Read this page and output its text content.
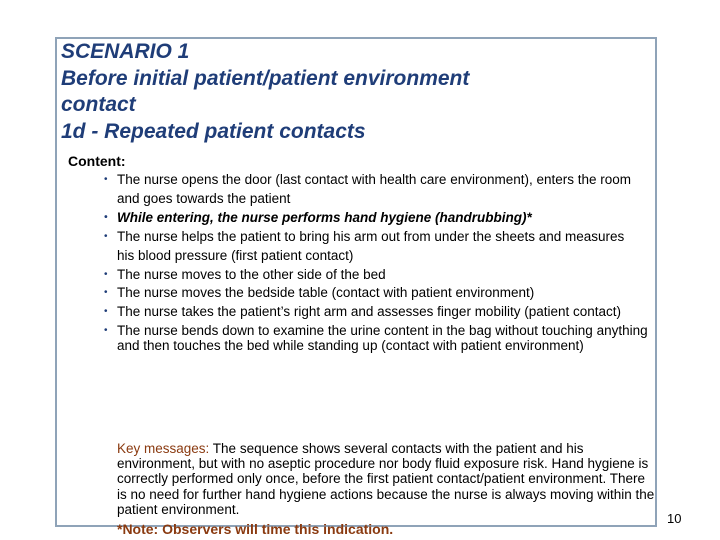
SCENARIO 1
Before initial patient/patient environment
contact
1d - Repeated patient contacts
Content:
• The nurse opens the door (last contact with health care environment), enters the room
and goes towards the patient
• While entering, the nurse performs hand hygiene (handrubbing)*
• The nurse helps the patient to bring his arm out from under the sheets and measures
his blood pressure (first patient contact)
• The nurse moves to the other side of the bed
• The nurse moves the bedside table (contact with patient environment)
• The nurse takes the patient’s right arm and assesses finger mobility (patient contact)
• The nurse bends down to examine the urine content in the bag without touching anything and then touches the bed while standing up (contact with patient environment)
Key messages: The sequence shows several contacts with the patient and his environment, but with no aseptic procedure nor body fluid exposure risk. Hand hygiene is correctly performed only once, before the first patient contact/patient environment. There is no need for further hand hygiene actions because the nurse is always moving within the patient environment.
*Note: Observers will time this indication.
10
